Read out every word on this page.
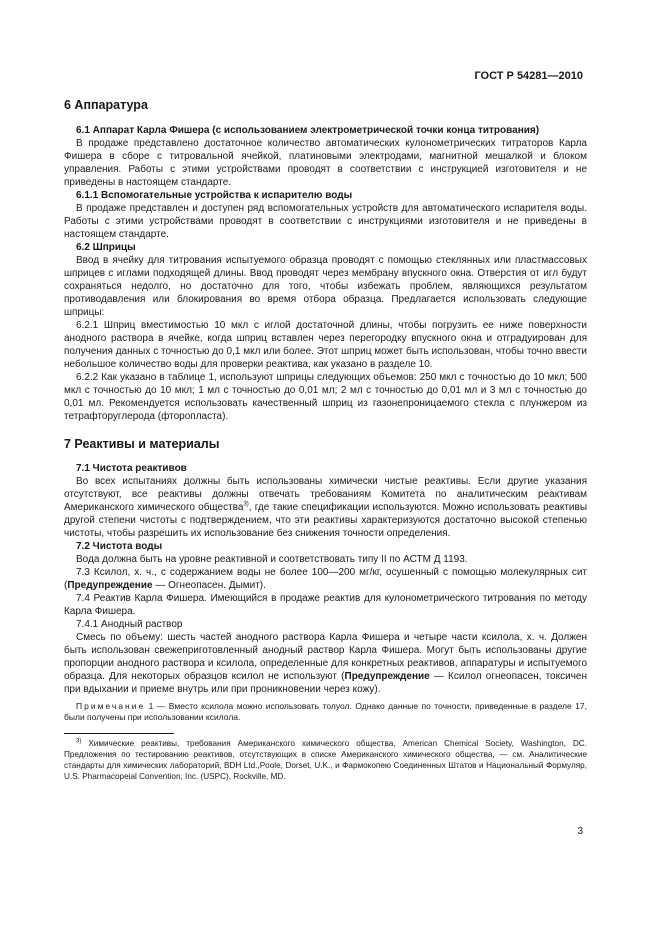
ГОСТ Р 54281—2010

6 Аппаратура

6.1 Аппарат Карла Фишера (с использованием электрометрической точки конца титрования)

В продаже представлено достаточное количество автоматических кулонометрических титраторов Карла Фишера в сборе с титровальной ячейкой, платиновыми электродами, магнитной мешалкой и блоком управления. Работы с этими устройствами проводят в соответствии с инструкцией изготовителя и не приведены в настоящем стандарте.

6.1.1 Вспомогательные устройства к испарителю воды

В продаже представлен и доступен ряд вспомогательных устройств для автоматического испарителя воды. Работы с этими устройствами проводят в соответствии с инструкциями изготовителя и не приведены в настоящем стандарте.

6.2 Шприцы

Ввод в ячейку для титрования испытуемого образца проводят с помощью стеклянных или пластмассовых шприцев с иглами подходящей длины. Ввод проводят через мембрану впускного окна. Отверстия от игл будут сохраняться недолго, но достаточно для того, чтобы избежать проблем, являющихся результатом противодавления или блокирования во время отбора образца. Предлагается использовать следующие шприцы:

6.2.1 Шприц вместимостью 10 мкл с иглой достаточной длины, чтобы погрузить ее ниже поверхности анодного раствора в ячейке, когда шприц вставлен через перегородку впускного окна и отградуирован для получения данных с точностью до 0,1 мкл или более. Этот шприц может быть использован, чтобы точно ввести небольшое количество воды для проверки реактива, как указано в разделе 10.

6.2.2 Как указано в таблице 1, используют шприцы следующих объемов: 250 мкл с точностью до 10 мкл; 500 мкл с точностью до 10 мкл; 1 мл с точностью до 0,01 мл; 2 мл с точностью до 0,01 мл и 3 мл с точностью до 0,01 мл. Рекомендуется использовать качественный шприц из газонепроницаемого стекла с плунжером из тетрафторуглерода (фторопласта).

7 Реактивы и материалы

7.1 Чистота реактивов

Во всех испытаниях должны быть использованы химически чистые реактивы. Если другие указания отсутствуют, все реактивы должны отвечать требованиям Комитета по аналитическим реактивам Американского химического общества$^{3)}$, где такие спецификации используются. Можно использовать реактивы другой степени чистоты с подтверждением, что эти реактивы характеризуются достаточно высокой степенью чистоты, чтобы разрешить их использование без снижения точности определения.

7.2 Чистота воды

Вода должна быть на уровне реактивной и соответствовать типу II по АСТМ Д 1193.

7.3 Ксилол, х. ч., с содержанием воды не более 100—200 мг/кг, осушенный с помощью молекулярных сит (Предупреждение — Огнеопасен. Дымит).

7.4 Реактив Карла Фишера. Имеющийся в продаже реактив для кулонометрического титрования по методу Карла Фишера.

7.4.1 Анодный раствор

Смесь по объему: шесть частей анодного раствора Карла Фишера и четыре части ксилола, х. ч. Должен быть использован свежеприготовленный анодный раствор Карла Фишера. Могут быть использованы другие пропорции анодного раствора и ксилола, определенные для конкретных реактивов, аппаратуры и испытуемого образца. Для некоторых образцов ксилол не используют (Предупреждение — Ксилол огнеопасен, токсичен при вдыхании и приеме внутрь или при проникновении через кожу).

Примечание 1 — Вместо ксилола можно использовать толуол. Однако данные по точности, приведенные в разделе 17, были получены при использовании ксилола.

$^{3)}$ Химические реактивы, требования Американского химического общества, American Chemical Society, Washington, DC. Предложения по тестированию реактивов, отсутствующих в списке Американского химического общества, — см. Аналитические стандарты для химических лабораторий, BDH Ltd.,Poole, Dorset, U.K., и Фармокопею Соединенных Штатов и Национальный Формуляр, U.S. Pharmacopeial Convention, Inc. (USPC), Rockville, MD.

3
